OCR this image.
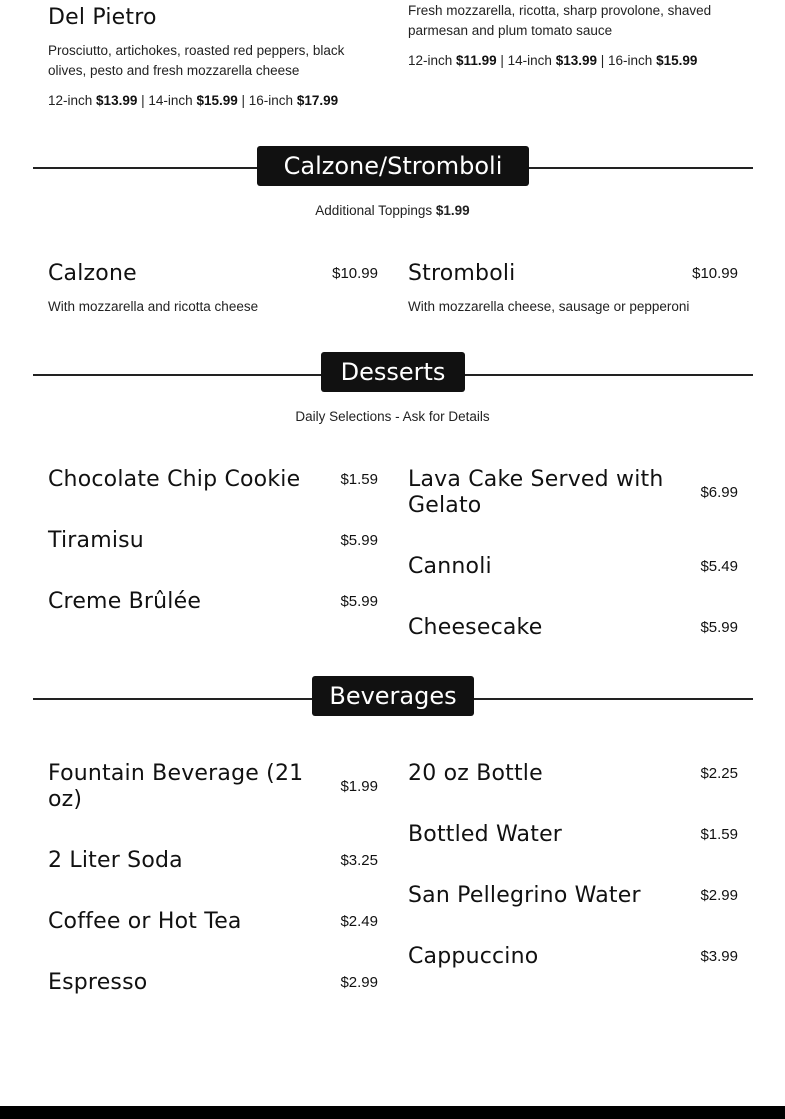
Del Pietro
Prosciutto, artichokes, roasted red peppers, black olives, pesto and fresh mozzarella cheese
12-inch $13.99 | 14-inch $15.99 | 16-inch $17.99
Fresh mozzarella, ricotta, sharp provolone, shaved parmesan and plum tomato sauce
12-inch $11.99 | 14-inch $13.99 | 16-inch $15.99
Calzone/Stromboli
Additional Toppings $1.99
Calzone	$10.99
With mozzarella and ricotta cheese
Stromboli	$10.99
With mozzarella cheese, sausage or pepperoni
Desserts
Daily Selections - Ask for Details
Chocolate Chip Cookie	$1.59
Tiramisu	$5.99
Creme Brûlée	$5.99
Lava Cake Served with Gelato
$6.99
Cannoli	$5.49
Cheesecake	$5.99
Beverages
Fountain Beverage (21 oz)
$1.99
2 Liter Soda	$3.25
Coffee or Hot Tea	$2.49
Espresso	$2.99
20 oz Bottle	$2.25
Bottled Water	$1.59
San Pellegrino Water	$2.99
Cappuccino	$3.99
